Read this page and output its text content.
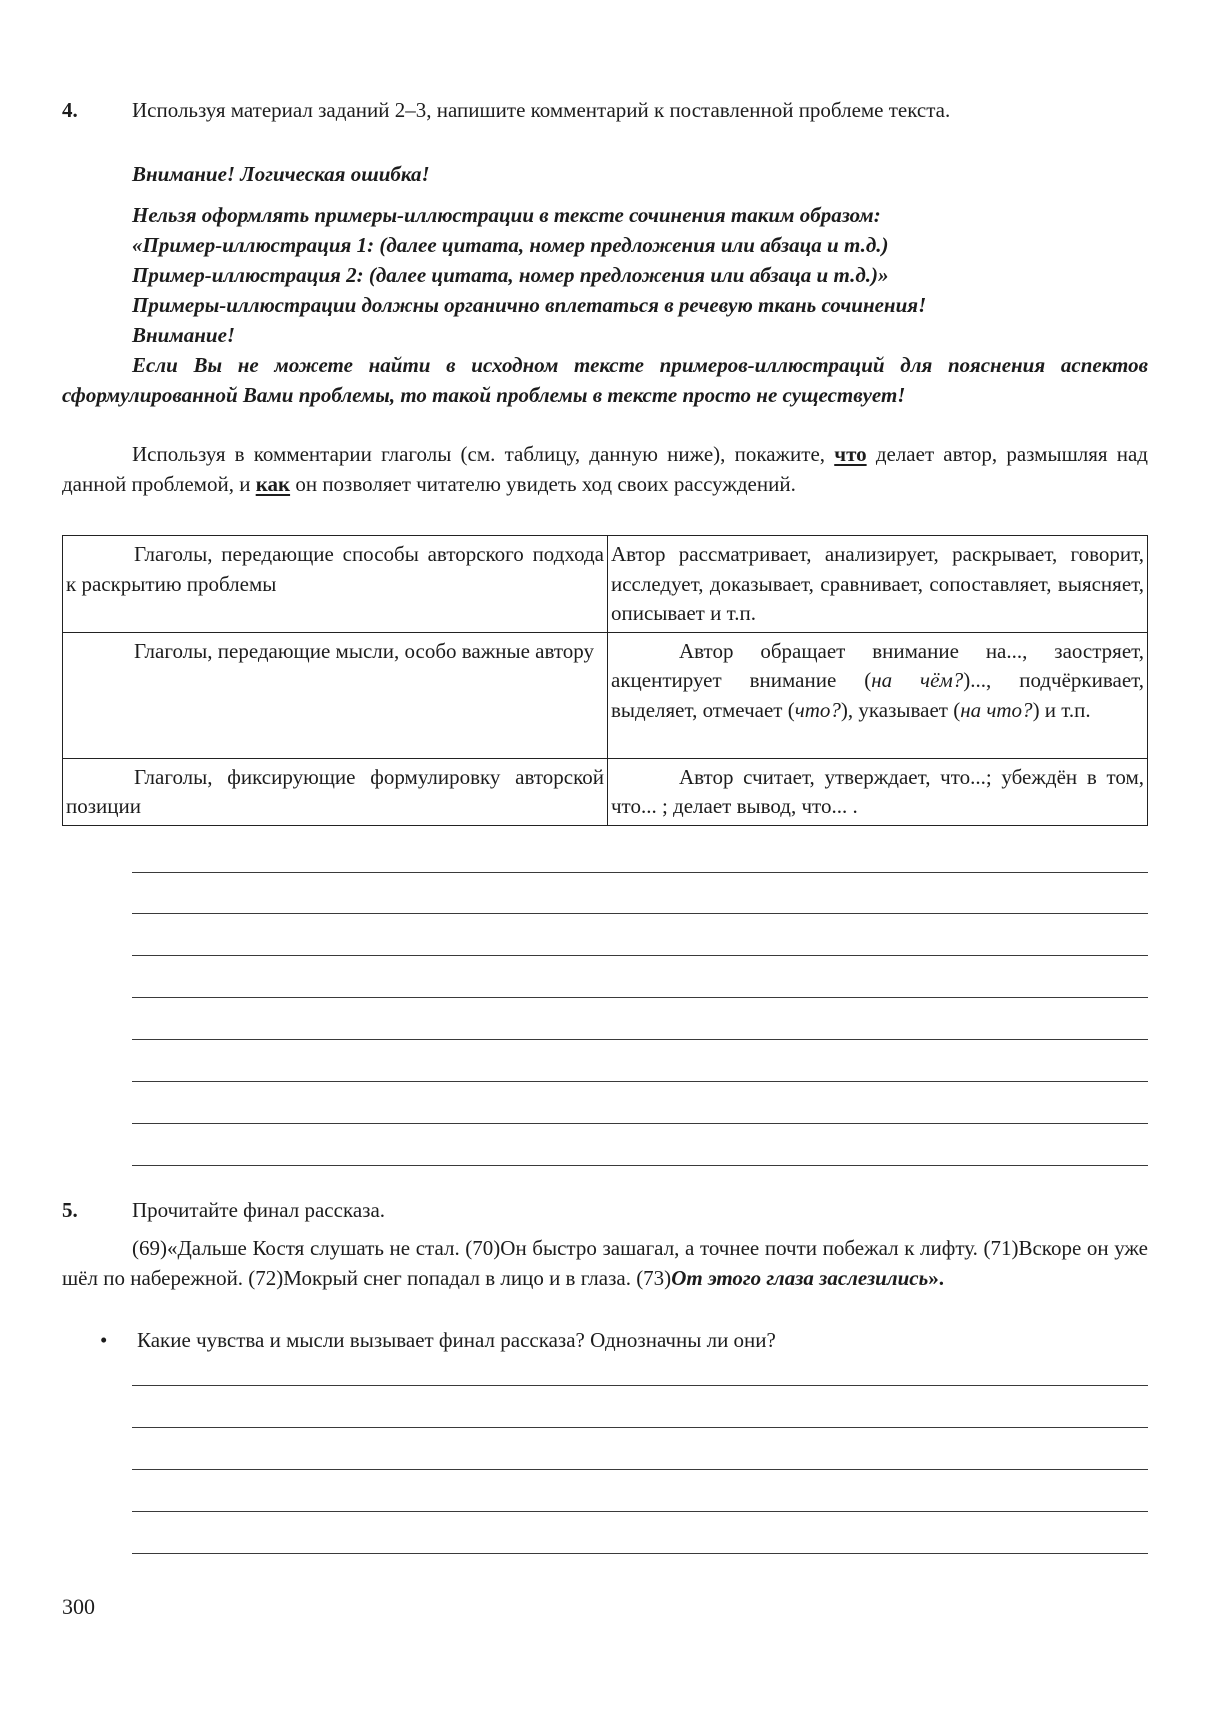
4.	Используя материал заданий 2–3, напишите комментарий к поставленной проблеме текста.
Внимание! Логическая ошибка!

Нельзя оформлять примеры-иллюстрации в тексте сочинения таким образом:

«Пример-иллюстрация 1: (далее цитата, номер предложения или абзаца и т.д.)

Пример-иллюстрация 2: (далее цитата, номер предложения или абзаца и т.д.)»

Примеры-иллюстрации должны органично вплетаться в речевую ткань сочинения!

Внимание!
Если Вы не можете найти в исходном тексте примеров-иллюстраций для пояснения аспектов сформулированной Вами проблемы, то такой проблемы в тексте просто не существует!

Используя в комментарии глаголы (см. таблицу, данную ниже), покажите, что делает автор, размышляя над данной проблемой, и как он позволяет читателю увидеть ход своих рассуждений.

Глаголы, передающие способы авторского подхода к раскрытию проблемы	Автор рассматривает, анализирует, раскрывает, говорит, исследует, доказывает, сравнивает, сопоставляет, выясняет, описывает и т.п.
Глаголы, передающие мысли, особо важные автору	Автор обращает внимание на..., заостряет, акцентирует внимание (на чём?)..., подчёркивает, выделяет, отмечает (что?), указывает (на что?) и т.п.
Глаголы, фиксирующие формулировку авторской позиции	Автор считает, утверждает, что...; убеждён в том, что... ; делает вывод, что... .
5.	Прочитайте финал рассказа.

(69)«Дальше Костя слушать не стал. (70)Он быстро зашагал, а точнее почти побежал к лифту. (71)Вскоре он уже шёл по набережной. (72)Мокрый снег попадал в лицо и в глаза. (73)От этого глаза заслезились».

• Какие чувства и мысли вызывает финал рассказа? Однозначны ли они?
300
